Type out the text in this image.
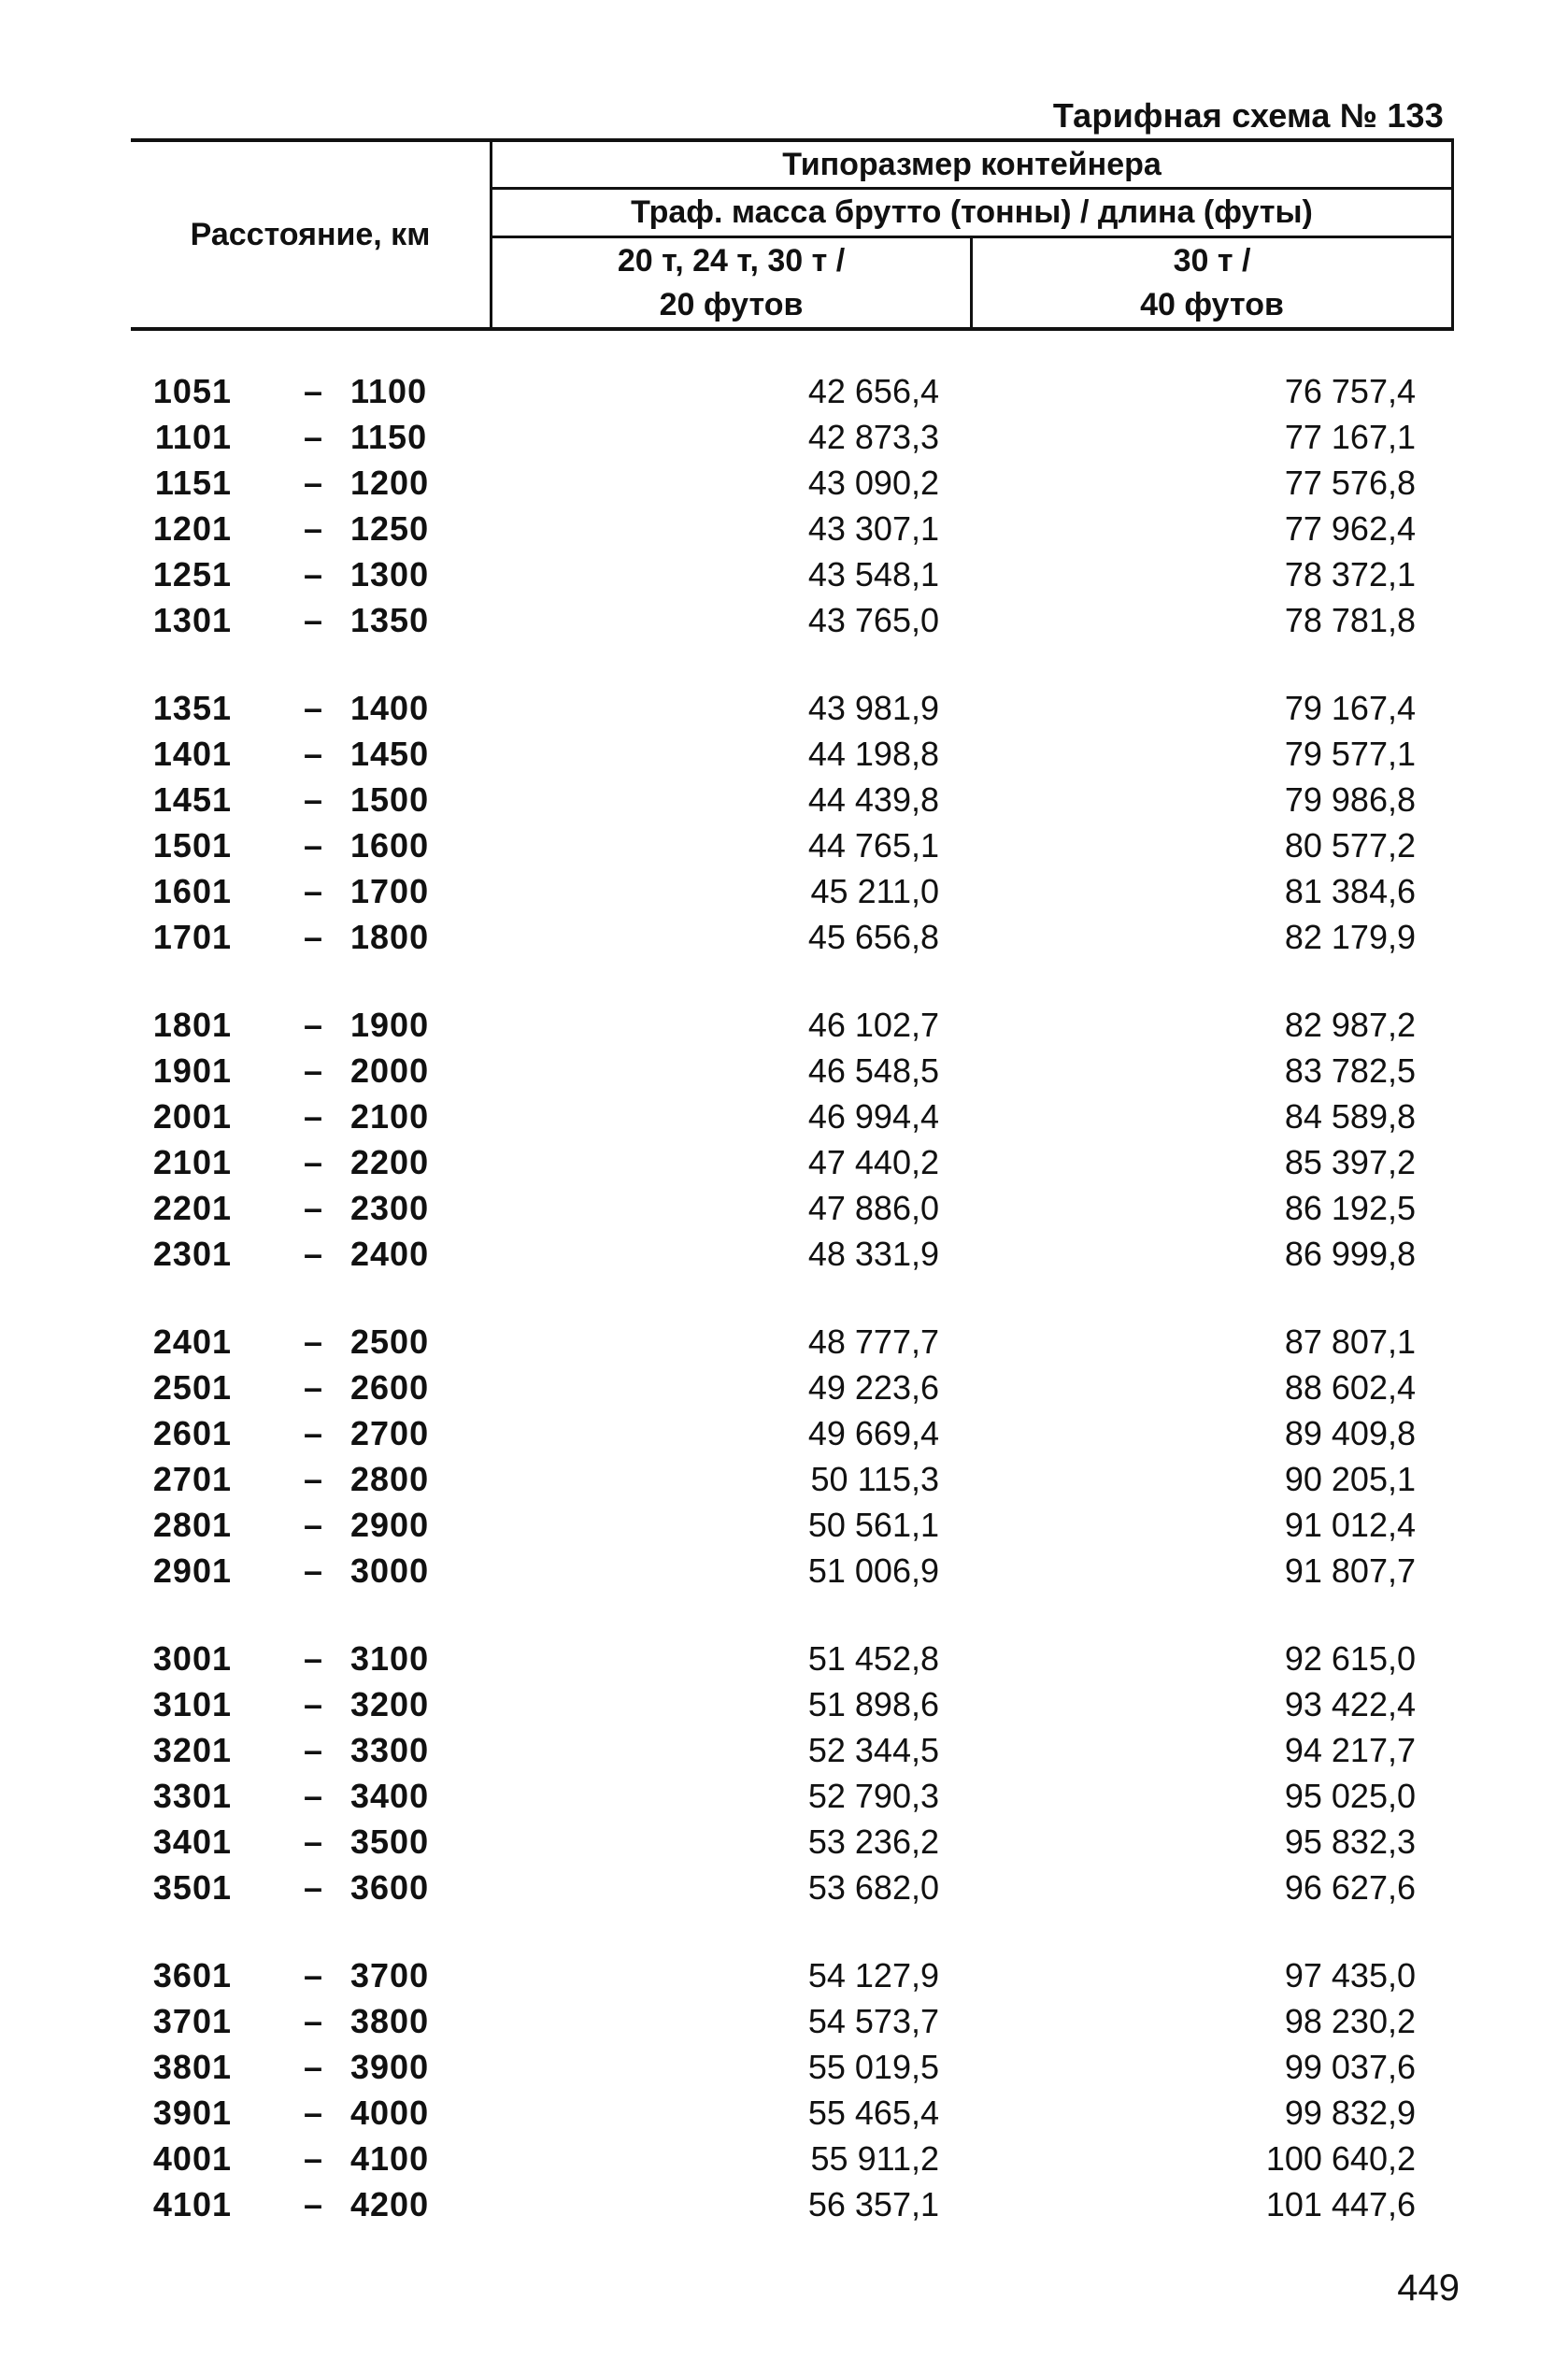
Тарифная схема № 133
Расстояние, км
Типоразмер контейнера
Траф. масса брутто (тонны) / длина (футы)
20 т, 24 т, 30 т /
20 футов
30 т /
40 футов
1051 – 1100	42 656,4	76 757,4
1101 – 1150	42 873,3	77 167,1
1151 – 1200	43 090,2	77 576,8
1201 – 1250	43 307,1	77 962,4
1251 – 1300	43 548,1	78 372,1
1301 – 1350	43 765,0	78 781,8
1351 – 1400	43 981,9	79 167,4
1401 – 1450	44 198,8	79 577,1
1451 – 1500	44 439,8	79 986,8
1501 – 1600	44 765,1	80 577,2
1601 – 1700	45 211,0	81 384,6
1701 – 1800	45 656,8	82 179,9
1801 – 1900	46 102,7	82 987,2
1901 – 2000	46 548,5	83 782,5
2001 – 2100	46 994,4	84 589,8
2101 – 2200	47 440,2	85 397,2
2201 – 2300	47 886,0	86 192,5
2301 – 2400	48 331,9	86 999,8
2401 – 2500	48 777,7	87 807,1
2501 – 2600	49 223,6	88 602,4
2601 – 2700	49 669,4	89 409,8
2701 – 2800	50 115,3	90 205,1
2801 – 2900	50 561,1	91 012,4
2901 – 3000	51 006,9	91 807,7
3001 – 3100	51 452,8	92 615,0
3101 – 3200	51 898,6	93 422,4
3201 – 3300	52 344,5	94 217,7
3301 – 3400	52 790,3	95 025,0
3401 – 3500	53 236,2	95 832,3
3501 – 3600	53 682,0	96 627,6
3601 – 3700	54 127,9	97 435,0
3701 – 3800	54 573,7	98 230,2
3801 – 3900	55 019,5	99 037,6
3901 – 4000	55 465,4	99 832,9
4001 – 4100	55 911,2	100 640,2
4101 – 4200	56 357,1	101 447,6
449
